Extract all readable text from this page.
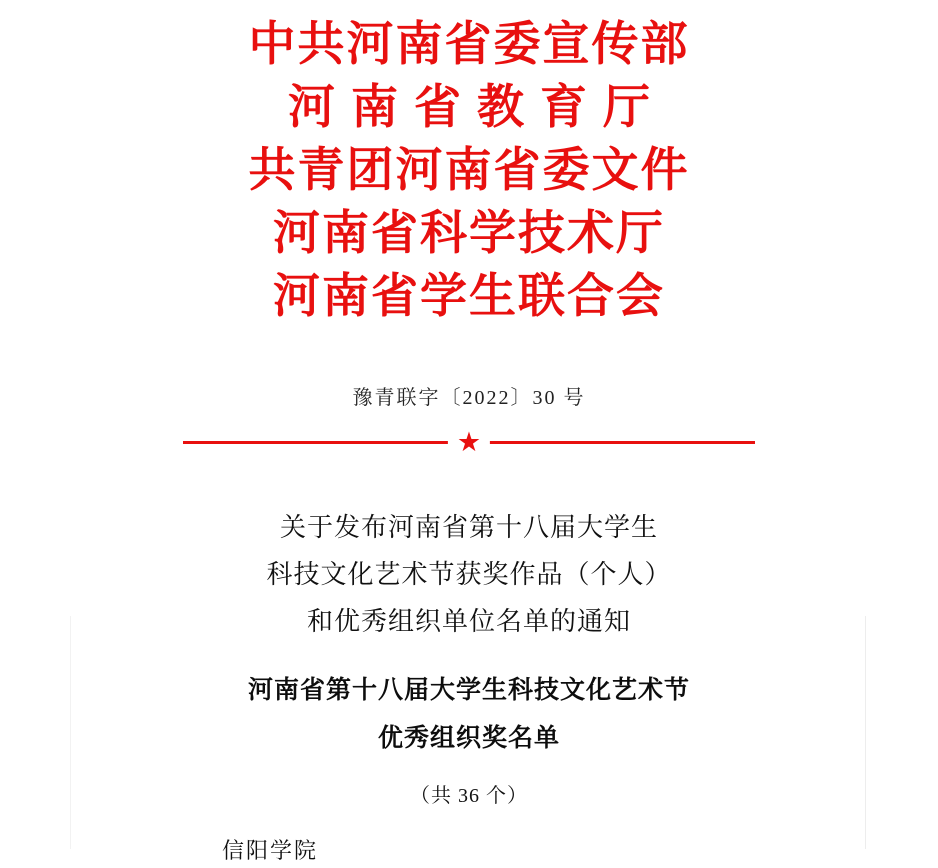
中共河南省委宣传部
河南省教育厅
共青团河南省委文件
河南省科学技术厅
河南省学生联合会
豫青联字〔2022〕30 号
★
关于发布河南省第十八届大学生
科技文化艺术节获奖作品（个人）
和优秀组织单位名单的通知
河南省第十八届大学生科技文化艺术节
优秀组织奖名单
（共 36 个）
信阳学院
